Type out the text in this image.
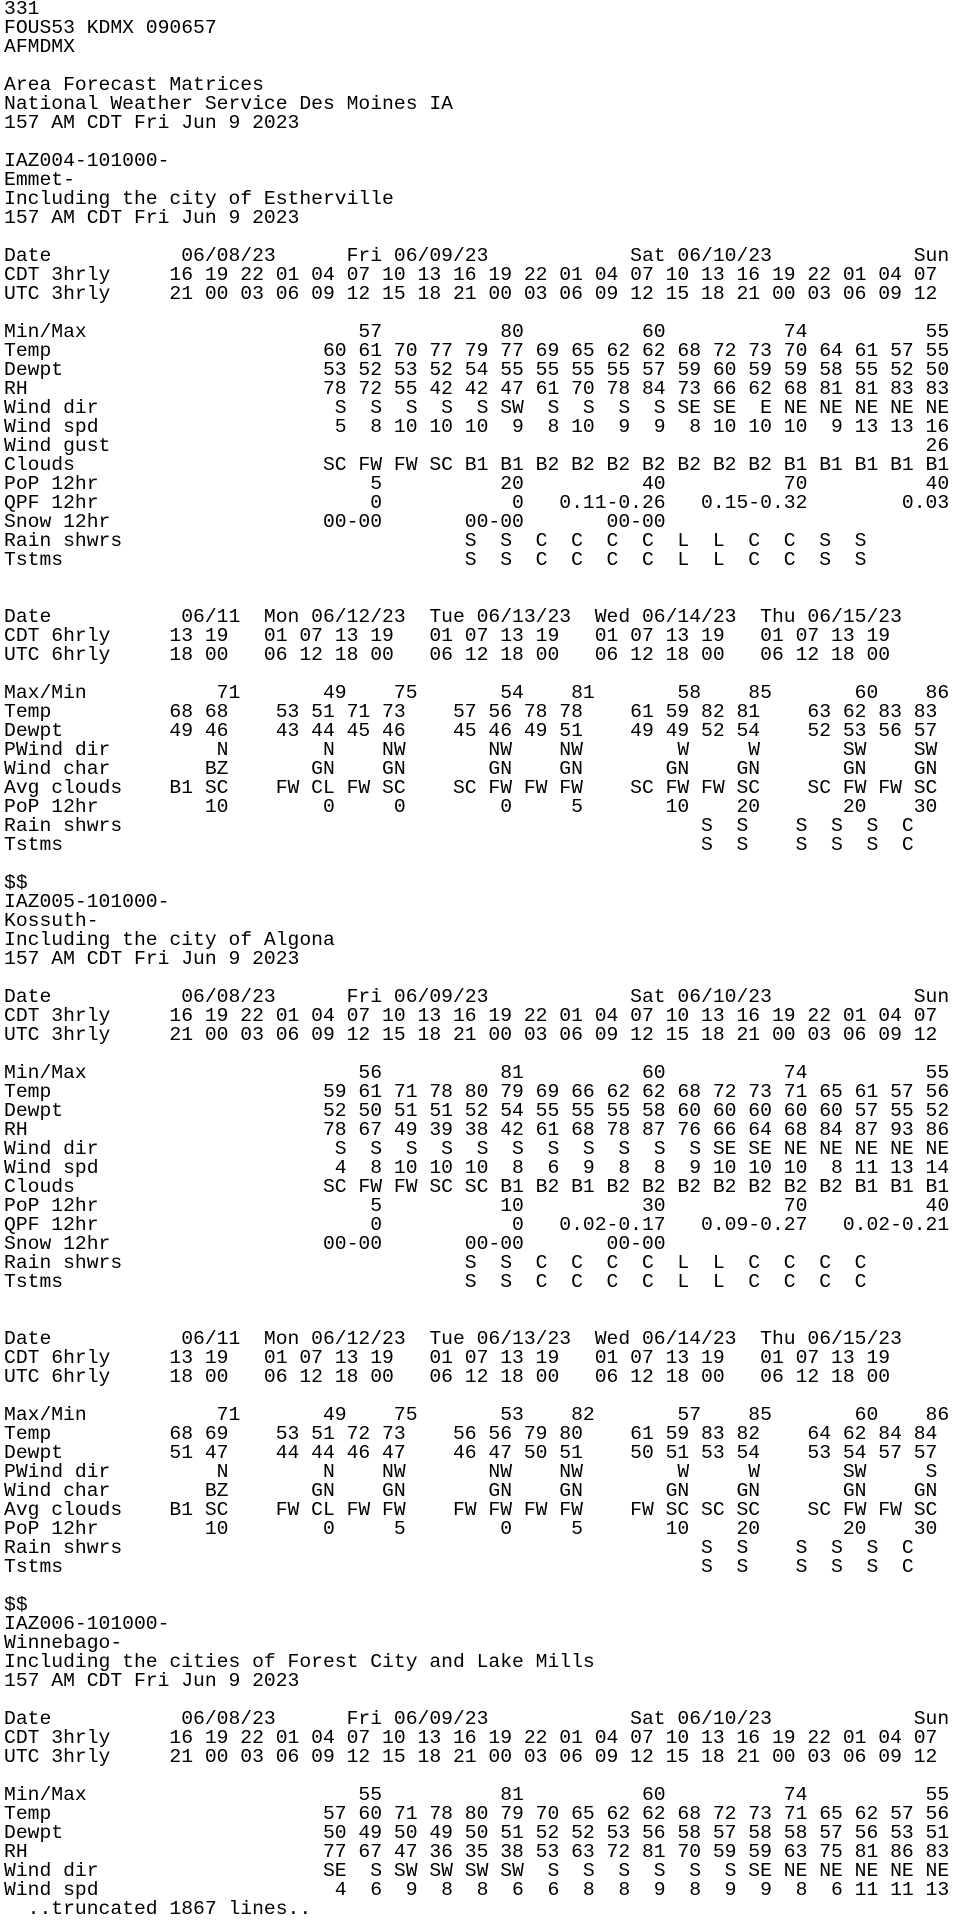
331
FOUS53 KDMX 090657
AFMDMX
Area Forecast Matrices
National Weather Service Des Moines IA
157 AM CDT Fri Jun 9 2023
IAZ004-101000-
Emmet-
Including the city of Estherville
157 AM CDT Fri Jun 9 2023
Date           06/08/23      Fri 06/09/23            Sat 06/10/23            Sun
CDT 3hrly     16 19 22 01 04 07 10 13 16 19 22 01 04 07 10 13 16 19 22 01 04 07
UTC 3hrly     21 00 03 06 09 12 15 18 21 00 03 06 09 12 15 18 21 00 03 06 09 12
Min/Max                       57          80          60          74          55
Temp                       60 61 70 77 79 77 69 65 62 62 68 72 73 70 64 61 57 55
Dewpt                      53 52 53 52 54 55 55 55 55 57 59 60 59 59 58 55 52 50
RH                         78 72 55 42 42 47 61 70 78 84 73 66 62 68 81 81 83 83
Wind dir                    S  S  S  S  S SW  S  S  S  S SE SE  E NE NE NE NE NE
Wind spd                    5  8 10 10 10  9  8 10  9  9  8 10 10 10  9 13 13 16
Wind gust                                                                     26
Clouds                     SC FW FW SC B1 B1 B2 B2 B2 B2 B2 B2 B2 B1 B1 B1 B1 B1
PoP 12hr                       5          20          40          70          40
QPF 12hr                       0           0   0.11-0.26   0.15-0.32        0.03
Snow 12hr                  00-00       00-00       00-00
Rain shwrs                             S  S  C  C  C  C  L  L  C  C  S  S
Tstms                                  S  S  C  C  C  C  L  L  C  C  S  S
Date           06/11  Mon 06/12/23  Tue 06/13/23  Wed 06/14/23  Thu 06/15/23
CDT 6hrly     13 19   01 07 13 19   01 07 13 19   01 07 13 19   01 07 13 19
UTC 6hrly     18 00   06 12 18 00   06 12 18 00   06 12 18 00   06 12 18 00
Max/Min           71       49    75       54    81       58    85       60    86
Temp          68 68    53 51 71 73    57 56 78 78    61 59 82 81    63 62 83 83
Dewpt         49 46    43 44 45 46    45 46 49 51    49 49 52 54    52 53 56 57
PWind dir         N        N    NW       NW    NW        W     W       SW    SW
Wind char        BZ       GN    GN       GN    GN       GN    GN       GN    GN
Avg clouds    B1 SC    FW CL FW SC    SC FW FW FW    SC FW FW SC    SC FW FW SC
PoP 12hr         10        0     0        0     5       10    20       20    30
Rain shwrs                                                 S  S    S  S  S  C
Tstms                                                      S  S    S  S  S  C
$$
IAZ005-101000-
Kossuth-
Including the city of Algona
157 AM CDT Fri Jun 9 2023
Date           06/08/23      Fri 06/09/23            Sat 06/10/23            Sun
CDT 3hrly     16 19 22 01 04 07 10 13 16 19 22 01 04 07 10 13 16 19 22 01 04 07
UTC 3hrly     21 00 03 06 09 12 15 18 21 00 03 06 09 12 15 18 21 00 03 06 09 12
Min/Max                       56          81          60          74          55
Temp                       59 61 71 78 80 79 69 66 62 62 68 72 73 71 65 61 57 56
Dewpt                      52 50 51 51 52 54 55 55 55 58 60 60 60 60 60 57 55 52
RH                         78 67 49 39 38 42 61 68 78 87 76 66 64 68 84 87 93 86
Wind dir                    S  S  S  S  S  S  S  S  S  S  S SE SE NE NE NE NE NE
Wind spd                    4  8 10 10 10  8  6  9  8  8  9 10 10 10  8 11 13 14
Clouds                     SC FW FW SC SC B1 B2 B1 B2 B2 B2 B2 B2 B2 B2 B1 B1 B1
PoP 12hr                       5          10          30          70          40
QPF 12hr                       0           0   0.02-0.17   0.09-0.27   0.02-0.21
Snow 12hr                  00-00       00-00       00-00
Rain shwrs                             S  S  C  C  C  C  L  L  C  C  C  C
Tstms                                  S  S  C  C  C  C  L  L  C  C  C  C
Date           06/11  Mon 06/12/23  Tue 06/13/23  Wed 06/14/23  Thu 06/15/23
CDT 6hrly     13 19   01 07 13 19   01 07 13 19   01 07 13 19   01 07 13 19
UTC 6hrly     18 00   06 12 18 00   06 12 18 00   06 12 18 00   06 12 18 00
Max/Min           71       49    75       53    82       57    85       60    86
Temp          68 69    53 51 72 73    56 56 79 80    61 59 83 82    64 62 84 84
Dewpt         51 47    44 44 46 47    46 47 50 51    50 51 53 54    53 54 57 57
PWind dir         N        N    NW       NW    NW        W     W       SW     S
Wind char        BZ       GN    GN       GN    GN       GN    GN       GN    GN
Avg clouds    B1 SC    FW CL FW FW    FW FW FW FW    FW SC SC SC    SC FW FW SC
PoP 12hr         10        0     5        0     5       10    20       20    30
Rain shwrs                                                 S  S    S  S  S  C
Tstms                                                      S  S    S  S  S  C
$$
IAZ006-101000-
Winnebago-
Including the cities of Forest City and Lake Mills
157 AM CDT Fri Jun 9 2023
Date           06/08/23      Fri 06/09/23            Sat 06/10/23            Sun
CDT 3hrly     16 19 22 01 04 07 10 13 16 19 22 01 04 07 10 13 16 19 22 01 04 07
UTC 3hrly     21 00 03 06 09 12 15 18 21 00 03 06 09 12 15 18 21 00 03 06 09 12
Min/Max                       55          81          60          74          55
Temp                       57 60 71 78 80 79 70 65 62 62 68 72 73 71 65 62 57 56
Dewpt                      50 49 50 49 50 51 52 52 53 56 58 57 58 58 57 56 53 51
RH                         77 67 47 36 35 38 53 63 72 81 70 59 59 63 75 81 86 83
Wind dir                   SE  S SW SW SW SW  S  S  S  S  S  S SE NE NE NE NE NE
Wind spd                    4  6  9  8  8  6  6  8  8  9  8  9  9  8  6 11 11 13
..truncated 1867 lines..
